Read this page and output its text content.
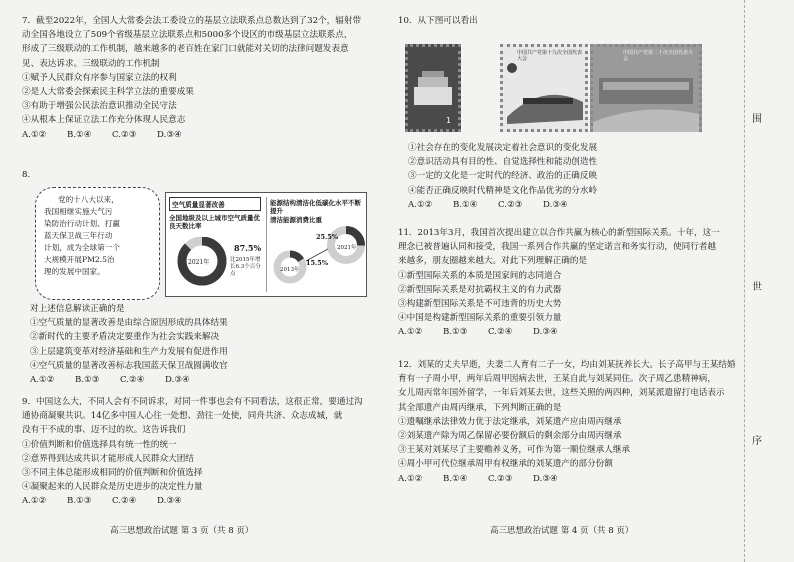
7．截至2022年，全国人大常委会法工委设立的基层立法联系点总数达到了32个，辐射带

动全国各地设立了509个省级基层立法联系点和5000多个设区的市级基层立法联系点，

形成了三级联动的工作机制，越来越多的老百姓在家门口就能对关切的法律问题发表意

见、表达诉求。三级联动的工作机制

①赋予人民群众有序参与国家立法的权利

②是人大常委会探索民主科学立法的重要成果

③有助于增强公民法治意识推动全民守法

④从根本上保证立法工作充分体现人民意志

A.①②	B.①④	C.②③	D.③④
8.
党的十八大以来，
我国相继实施大气污
染防治行动计划、打赢
蓝天保卫战三年行动
计划，成为全球第一个
大规模开展PM2.5治
理的发展中国家。
空气质量显著改善
全国地级及以上城市空气质量优良天数比率
2021年
87.5%
比2015年增长6.3个百分点
能源结构清洁化低碳化水平不断提升
清洁能源消费比重
2013年
15.5%
25.5%
2021年

对上述信息解读正确的是

①空气质量的显著改善是由综合原因形成的具体结果

②新时代的主要矛盾决定要重作为社会实践来解决

③上层建筑变革对经济基础和生产力发展有促进作用

④空气质量的显著改善标志我国蓝天保卫战圆满收官

A.①②	B.①③	C.②④	D.③④

9．中国这么大，不同人会有不同诉求，对同一件事也会有不同看法，这很正常，要通过沟

通协商凝聚共识。14亿多中国人心往一处想、劲往一处使，同舟共济、众志成城，就

没有干不成的事、迈不过的坎。这告诉我们

①价值判断和价值选择具有统一性的统一

②意界得到达成共识才能形成人民群众大团结

③不同主体总能形成相同的价值判断和价值选择

④凝聚起来的人民群众是历史进步的决定性力量

A.①②	B.①③	C.②④	D.③④
高三思想政治试题 第 3 页（共 8 页）

10．从下图可以看出

1
中国共产党第十九次全国代表大会
中国共产党第二十次全国代表大会

①社会存在的变化发展决定着社会意识的变化发展

②意识活动具有目的性、自觉选择性和能动创造性

③一定的文化是一定时代的经济、政治的正确反映

④能否正确反映时代精神是文化作品优劣的分水岭

A.①②	B.①④	C.②③	D.③④

11．2013年3月，我国首次提出建立以合作共赢为核心的新型国际关系。十年，这一

理念已被普遍认同和接受，我国一系列合作共赢的坚定诺言和务实行动，使同行者越

来越多，朋友圈越来越大。对此下列理解正确的是

①新型国际关系的本质是国家间的志同道合

②新型国际关系是对抗霸权主义的有力武器

③构建新型国际关系是不可违背的历史大势

④中国是构建新型国际关系的重要引领力量

A.①②	B.①③	C.②④	D.③④

12．刘某的丈夫早逝，夫妻二人育有二子一女，均由刘某抚养长大。长子高甲与王某结婚

育有一子周小甲，两年后周甲因病去世，王某自此与刘某同住。次子周乙患精神病，

女儿周丙常年国外留学，一年后刘某去世，这些关照的两四种，刘某派遣留打电话表示

其全部遗产由周丙继承，下列判断正确的是

①遗嘱继承法律效力优于法定继承，刘某遗产应由周丙继承

②刘某遗产除为周乙保留必要份额后的剩余部分由周丙继承

③王某对刘某尽了主要赡养义务，可作为第一顺位继承人继承

④周小甲可代位继承周甲有权继承的刘某遗产的部分份额

A.①②	B.①④	C.②③	D.③④
高三思想政治试题 第 4 页（共 8 页）
围
世
序
